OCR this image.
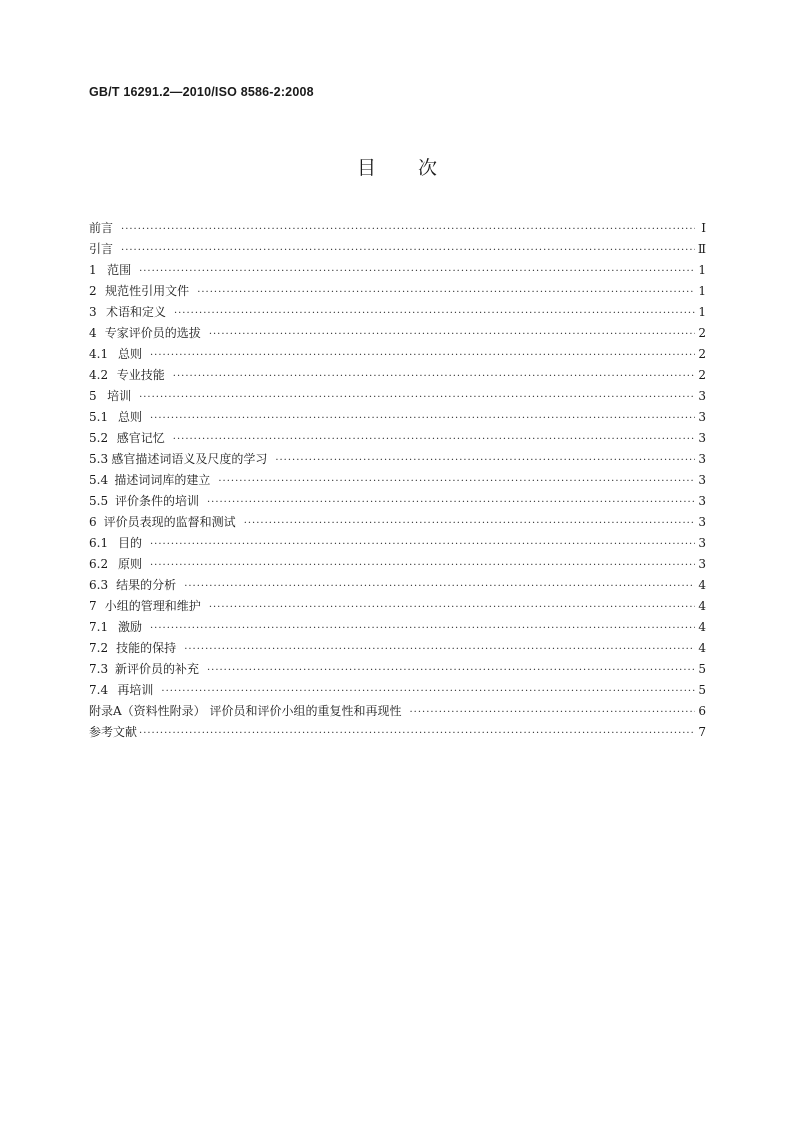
GB/T 16291.2—2010/ISO 8586-2:2008
目次
前言 ·····	Ⅰ
引言 ·····	Ⅱ
1 范围 ·····	1
2 规范性引用文件 ·····	1
3 术语和定义 ·····	1
4 专家评价员的选拔 ·····	2
4.1 总则 ·····	2
4.2 专业技能 ·····	2
5 培训 ·····	3
5.1 总则 ·····	3
5.2 感官记忆 ·····	3
5.3 感官描述词语义及尺度的学习 ·····	3
5.4 描述词词库的建立 ·····	3
5.5 评价条件的培训 ·····	3
6 评价员表现的监督和测试 ·····	3
6.1 目的 ·····	3
6.2 原则 ·····	3
6.3 结果的分析 ·····	4
7 小组的管理和维护 ·····	4
7.1 激励 ·····	4
7.2 技能的保持 ·····	4
7.3 新评价员的补充 ·····	5
7.4 再培训 ·····	5
附录A（资料性附录） 评价员和评价小组的重复性和再现性 ·····	6
参考文献 ·····	7
